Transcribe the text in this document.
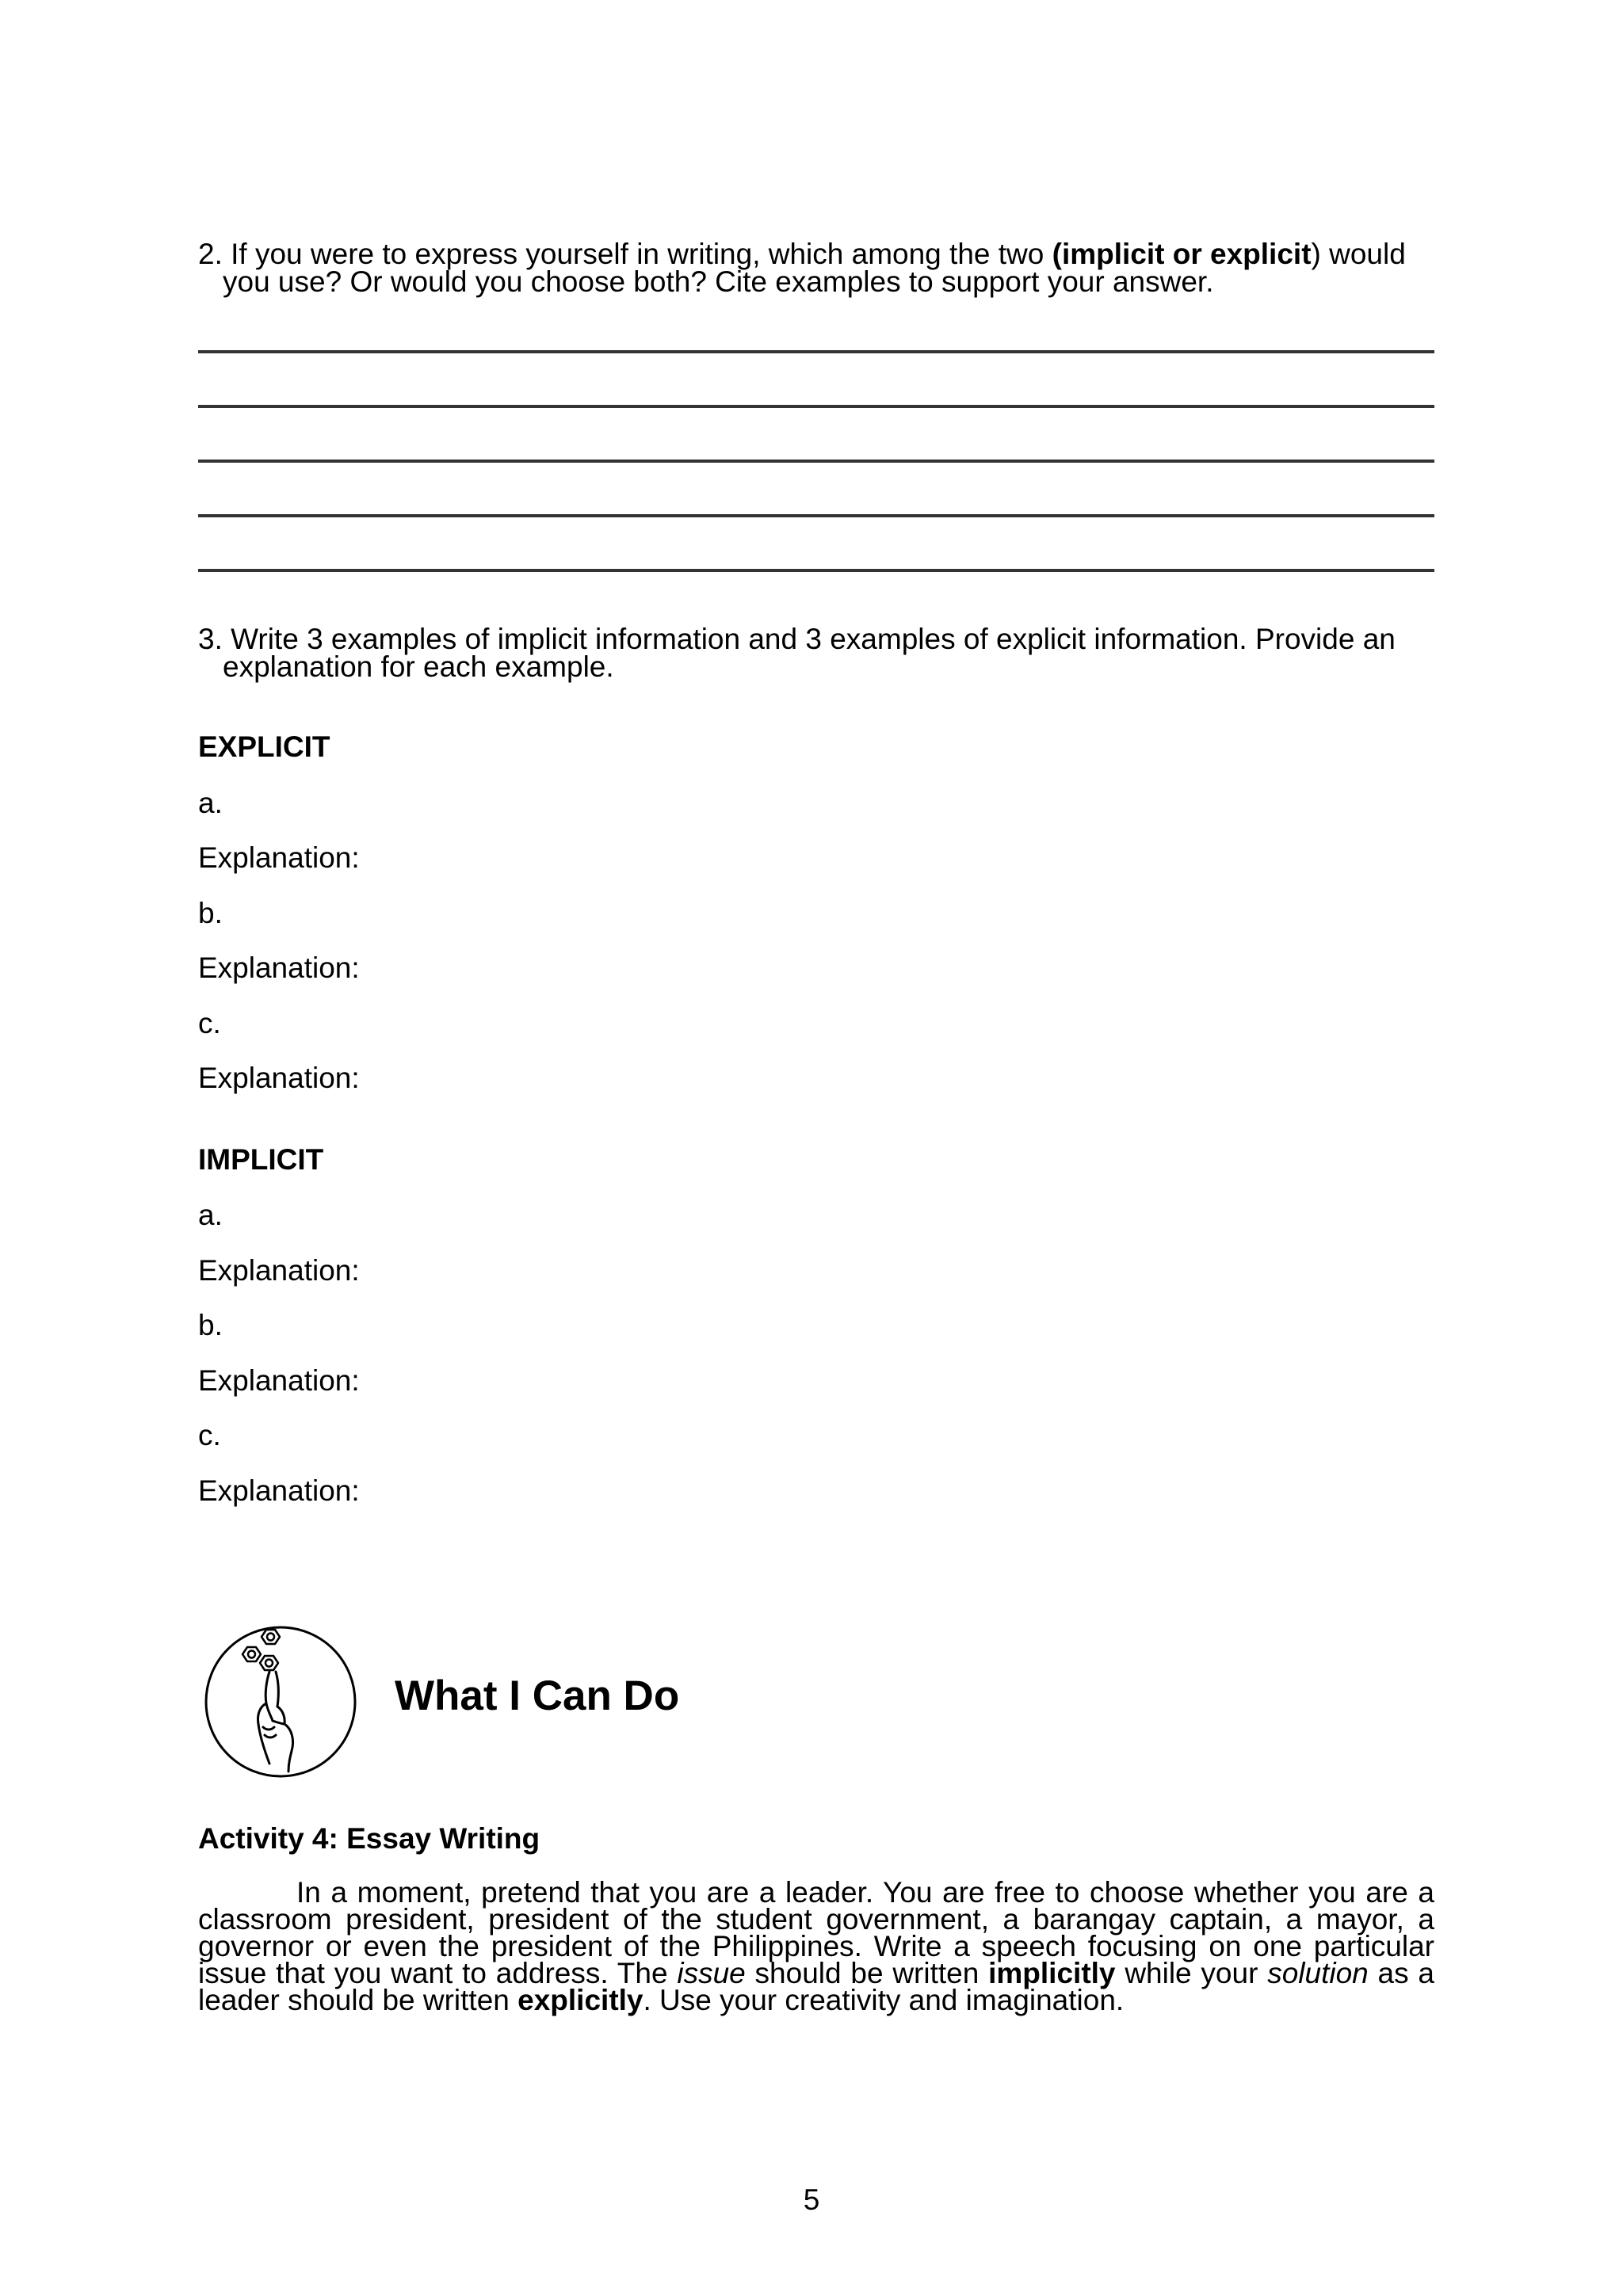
2. If you were to express yourself in writing, which among the two (implicit or explicit) would
you use? Or would you choose both? Cite examples to support your answer.
3. Write 3 examples of implicit information and 3 examples of explicit information. Provide an
explanation for each example.
EXPLICIT
a.
Explanation:
b.
Explanation:
c.
Explanation:
IMPLICIT
a.
Explanation:
b.
Explanation:
c.
Explanation:
What I Can Do
Activity 4: Essay Writing
In a moment, pretend that you are a leader. You are free to choose whether you are a classroom president, president of the student government, a barangay captain, a mayor, a governor or even the president of the Philippines. Write a speech focusing on one particular issue that you want to address. The issue should be written implicitly while your solution as a leader should be written explicitly. Use your creativity and imagination.
5
